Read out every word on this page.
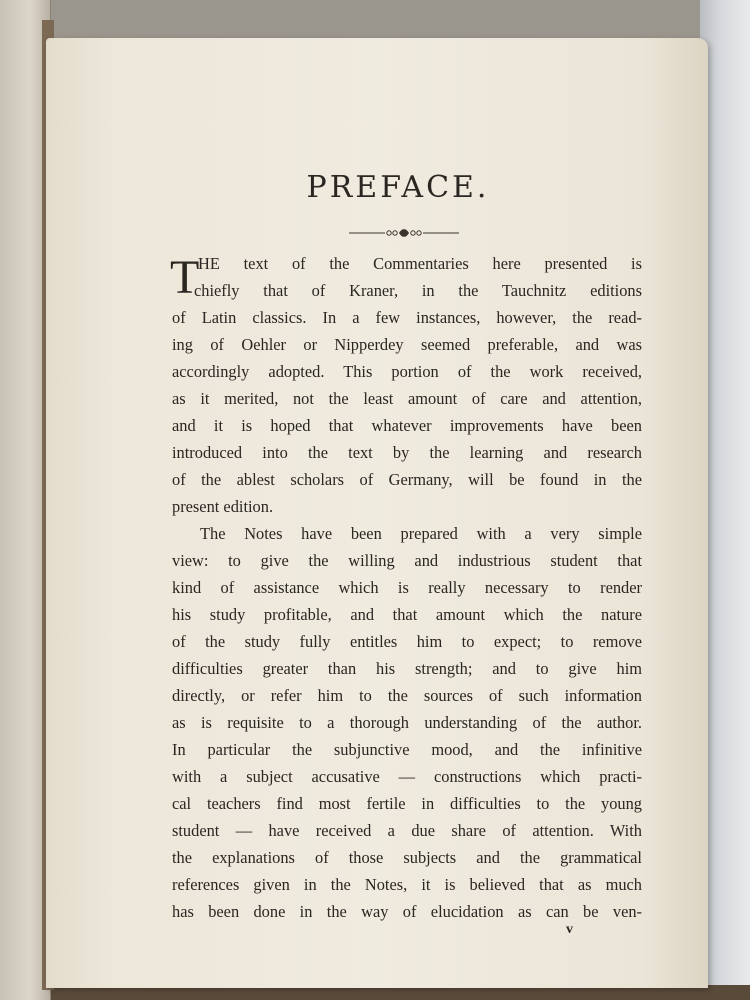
PREFACE.
T
HE text of the Commentaries here presented is
chiefly that of Kraner, in the Tauchnitz editions
of Latin classics. In a few instances, however, the read-
ing of Oehler or Nipperdey seemed preferable, and was
accordingly adopted. This portion of the work received,
as it merited, not the least amount of care and attention,
and it is hoped that whatever improvements have been
introduced into the text by the learning and research
of the ablest scholars of Germany, will be found in the
present edition.
The Notes have been prepared with a very simple
view: to give the willing and industrious student that
kind of assistance which is really necessary to render
his study profitable, and that amount which the nature
of the study fully entitles him to expect; to remove
difficulties greater than his strength; and to give him
directly, or refer him to the sources of such information
as is requisite to a thorough understanding of the author.
In particular the subjunctive mood, and the infinitive
with a subject accusative — constructions which practi-
cal teachers find most fertile in difficulties to the young
student — have received a due share of attention. With
the explanations of those subjects and the grammatical
references given in the Notes, it is believed that as much
has been done in the way of elucidation as can be ven-
v
